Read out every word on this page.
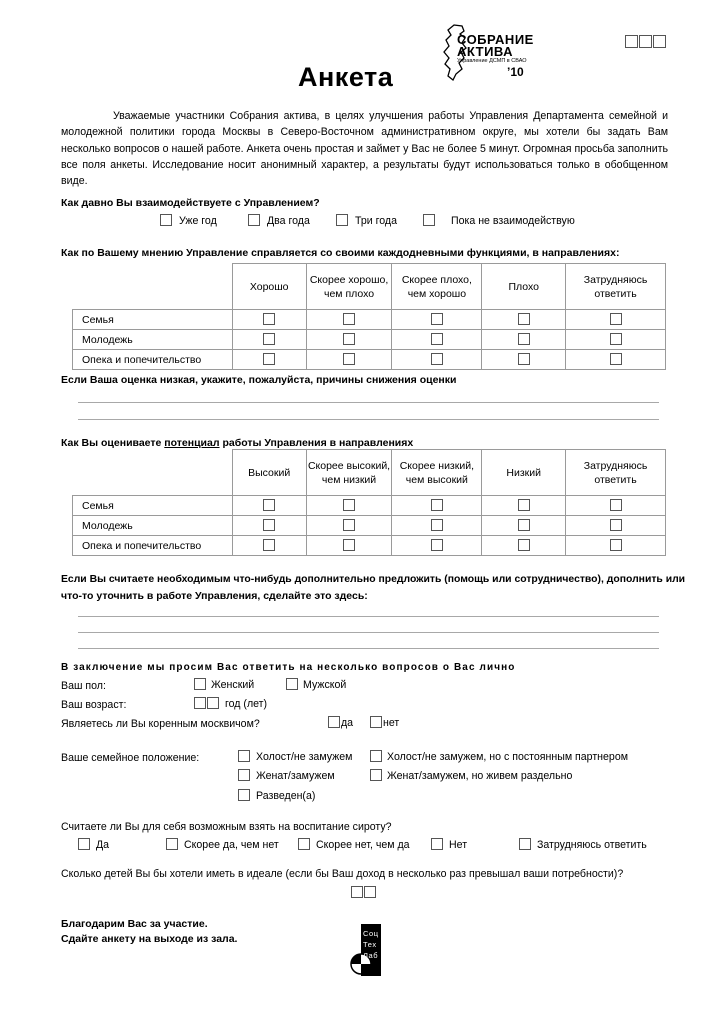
СОБРАНИЕ
АКТИВА
Управление ДСМП в СВАО
’10
Анкета

Уважаемые участники Собрания актива, в целях улучшения работы Управления Департамента семейной и молодежной политики города Москвы в Северо-Восточном административном округе, мы хотели бы задать Вам несколько вопросов о нашей работе. Анкета очень простая и займет у Вас не более 5 минут. Огромная просьба заполнить все поля анкеты. Исследование носит анонимный характер, а результаты будут использоваться только в обобщенном виде.

Как давно Вы взаимодействуете с Управлением?
Уже год	Два года	Три года	Пока не взаимодействую
Как по Вашему мнению Управление справляется со своими каждодневными функциями, в направлениях:
	Хорошо	Скорее хорошо, чем плохо	Скорее плохо, чем хорошо	Плохо	Затрудняюсь ответить
Семья					
Молодежь					
Опека и попечительство					
Если Ваша оценка низкая, укажите, пожалуйста, причины снижения оценки
Как Вы оцениваете потенциал работы Управления в направлениях
	Высокий	Скорее высокий, чем низкий	Скорее низкий, чем высокий	Низкий	Затрудняюсь ответить
Семья					
Молодежь					
Опека и попечительство					
Если Вы считаете необходимым что-нибудь дополнительно предложить (помощь или сотрудничество), дополнить или
что-то уточнить в работе Управления, сделайте это здесь:
В заключение мы просим Вас ответить на несколько вопросов о Вас лично
Ваш пол:	Женский	Мужской
Ваш возраст:	год (лет)
Являетесь ли Вы коренным москвичом?	да	нет
Ваше семейное положение:	Холост/не замужем	Холост/не замужем, но с постоянным партнером
Женат/замужем	Женат/замужем, но живем раздельно
Разведен(а)
Считаете ли Вы для себя возможным взять на воспитание сироту?
Да	Скорее да, чем нет	Скорее нет, чем да	Нет	Затрудняюсь ответить
Сколько детей Вы бы хотели иметь в идеале (если бы Ваш доход в несколько раз превышал ваши потребности)?
Благодарим Вас за участие.
Сдайте анкету на выходе из зала.	Соц
Тех
Лаб
